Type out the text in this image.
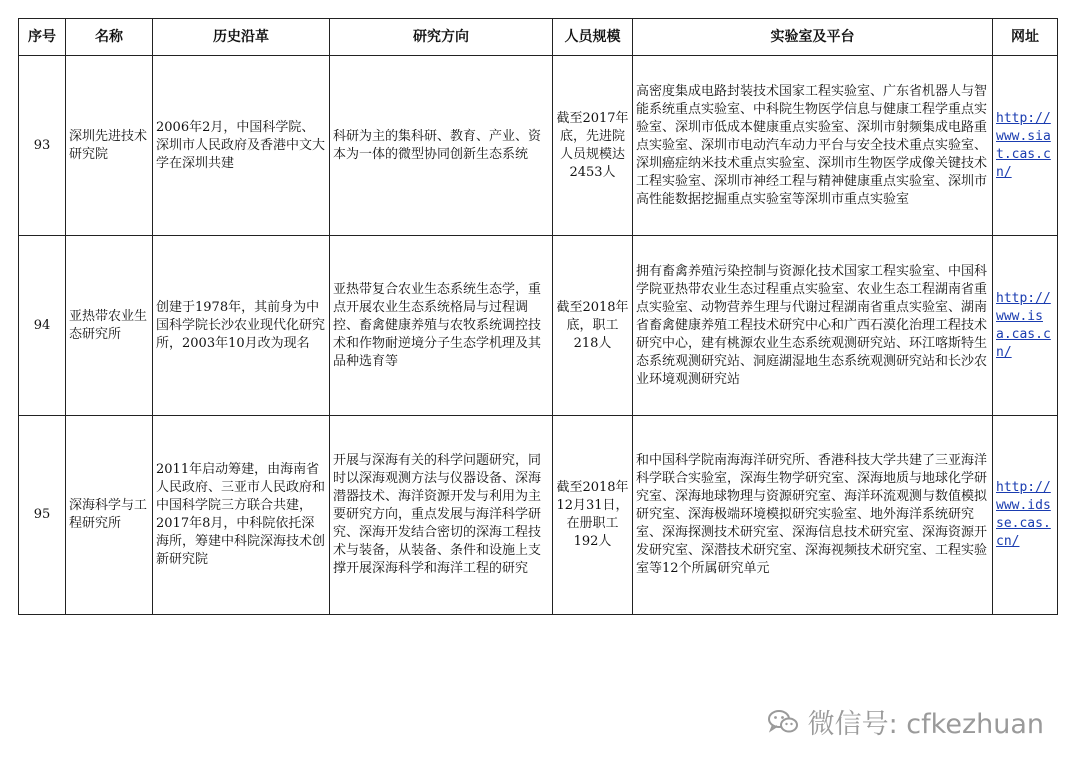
序号	名称	历史沿革	研究方向	人员规模	实验室及平台	网址
93	深圳先进技术研究院	2006年2月，中国科学院、深圳市人民政府及香港中文大学在深圳共建	科研为主的集科研、教育、产业、资本为一体的微型协同创新生态系统	截至2017年底，先进院人员规模达2453人	高密度集成电路封装技术国家工程实验室、广东省机器人与智能系统重点实验室、中科院生物医学信息与健康工程学重点实验室、深圳市低成本健康重点实验室、深圳市射频集成电路重点实验室、深圳市电动汽车动力平台与安全技术重点实验室、深圳癌症纳米技术重点实验室、深圳市生物医学成像关键技术工程实验室、深圳市神经工程与精神健康重点实验室、深圳市高性能数据挖掘重点实验室等深圳市重点实验室	http://www.siat.cas.cn/
94	亚热带农业生态研究所	创建于1978年，其前身为中国科学院长沙农业现代化研究所，2003年10月改为现名	亚热带复合农业生态系统生态学，重点开展农业生态系统格局与过程调控、畜禽健康养殖与农牧系统调控技术和作物耐逆境分子生态学机理及其品种选育等	截至2018年底，职工218人	拥有畜禽养殖污染控制与资源化技术国家工程实验室、中国科学院亚热带农业生态过程重点实验室、农业生态工程湖南省重点实验室、动物营养生理与代谢过程湖南省重点实验室、湖南省畜禽健康养殖工程技术研究中心和广西石漠化治理工程技术研究中心，建有桃源农业生态系统观测研究站、环江喀斯特生态系统观测研究站、洞庭湖湿地生态系统观测研究站和长沙农业环境观测研究站	http://www.isa.cas.cn/
95	深海科学与工程研究所	2011年启动筹建，由海南省人民政府、三亚市人民政府和中国科学院三方联合共建，2017年8月，中科院依托深海所，筹建中科院深海技术创新研究院	开展与深海有关的科学问题研究，同时以深海观测方法与仪器设备、深海潜器技术、海洋资源开发与利用为主要研究方向，重点发展与海洋科学研究、深海开发结合密切的深海工程技术与装备，从装备、条件和设施上支撑开展深海科学和海洋工程的研究	截至2018年12月31日，在册职工192人	和中国科学院南海海洋研究所、香港科技大学共建了三亚海洋科学联合实验室，深海生物学研究室、深海地质与地球化学研究室、深海地球物理与资源研究室、海洋环流观测与数值模拟研究室、深海极端环境模拟研究实验室、地外海洋系统研究室、深海探测技术研究室、深海信息技术研究室、深海资源开发研究室、深潜技术研究室、深海视频技术研究室、工程实验室等12个所属研究单元	http://www.idsse.cas.cn/
微信号: cfkezhuan
